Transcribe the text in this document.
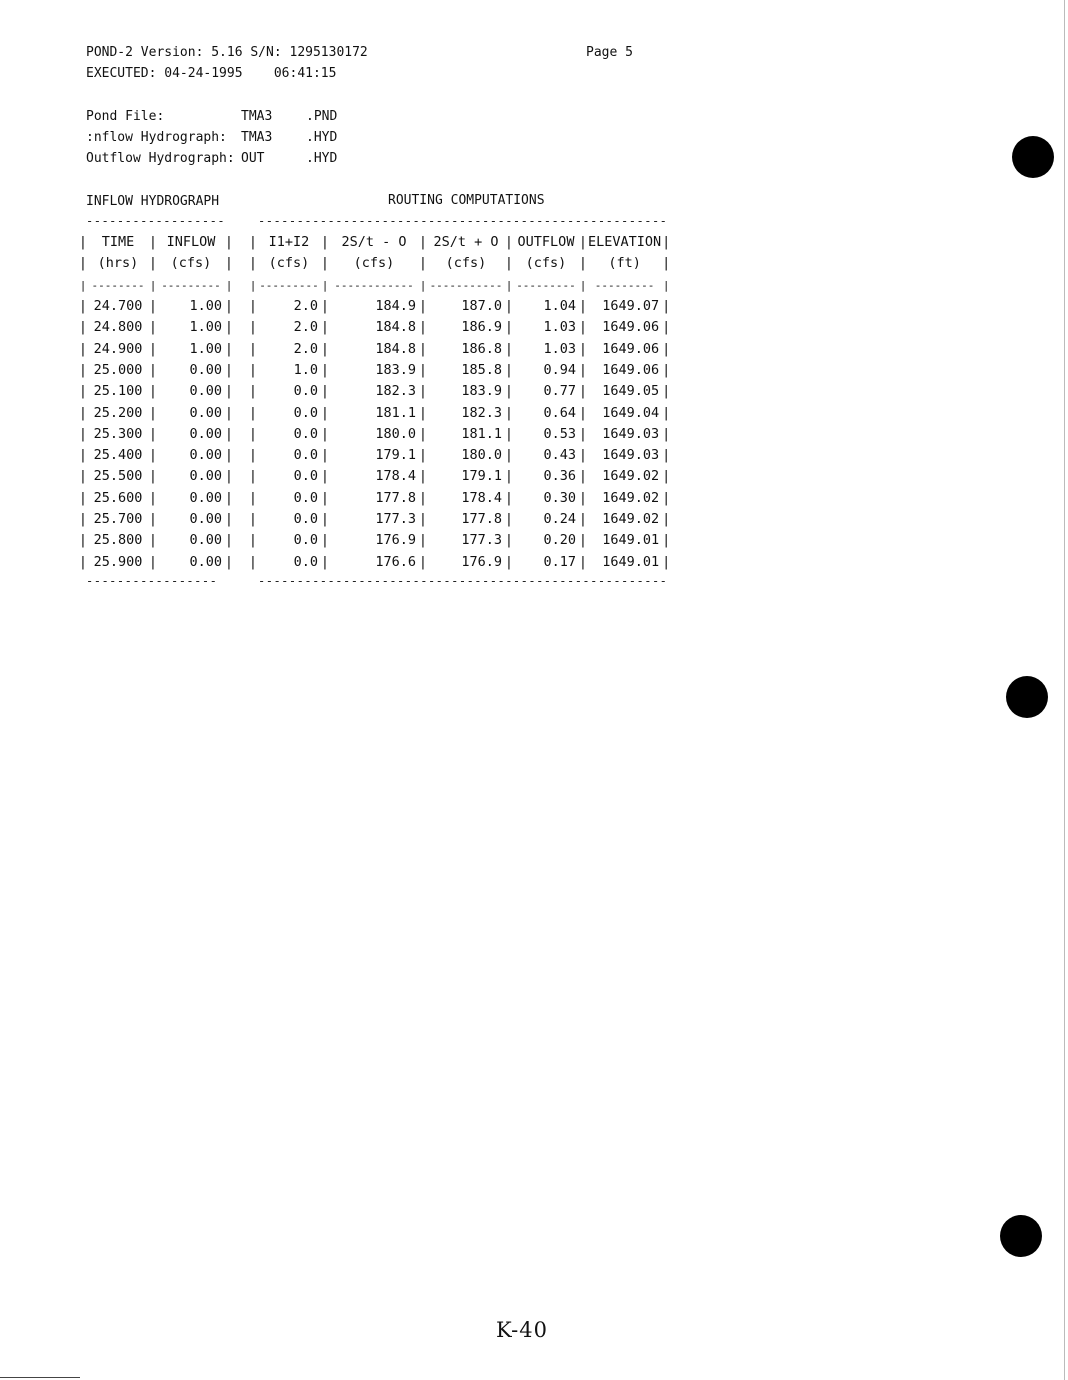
POND-2 Version: 5.16 S/N: 1295130172
EXECUTED: 04-24-1995    06:41:15
Page 5
Pond File:	TMA3	.PND
:nflow Hydrograph: TMA3	.HYD
Outflow Hydrograph: OUT	.HYD
INFLOW HYDROGRAPH	ROUTING COMPUTATIONS
------------------	-----------------------------------------------------
|	TIME	|	INFLOW	|		|	I1+I2	|	2S/t - O	|	2S/t + O	|	OUTFLOW	|	ELEVATION	|
|	(hrs)	|	(cfs)	|		|	(cfs)	|	(cfs)	|	(cfs)	|	(cfs)	|	(ft)	|
|	--------	|	---------	|		|	---------	|	------------	|	-----------	|	---------	|	---------	|
|	24.700	|	1.00	|		|	2.0	|	184.9	|	187.0	|	1.04	|	1649.07	|
|	24.800	|	1.00	|		|	2.0	|	184.8	|	186.9	|	1.03	|	1649.06	|
|	24.900	|	1.00	|		|	2.0	|	184.8	|	186.8	|	1.03	|	1649.06	|
|	25.000	|	0.00	|		|	1.0	|	183.9	|	185.8	|	0.94	|	1649.06	|
|	25.100	|	0.00	|		|	0.0	|	182.3	|	183.9	|	0.77	|	1649.05	|
|	25.200	|	0.00	|		|	0.0	|	181.1	|	182.3	|	0.64	|	1649.04	|
|	25.300	|	0.00	|		|	0.0	|	180.0	|	181.1	|	0.53	|	1649.03	|
|	25.400	|	0.00	|		|	0.0	|	179.1	|	180.0	|	0.43	|	1649.03	|
|	25.500	|	0.00	|		|	0.0	|	178.4	|	179.1	|	0.36	|	1649.02	|
|	25.600	|	0.00	|		|	0.0	|	177.8	|	178.4	|	0.30	|	1649.02	|
|	25.700	|	0.00	|		|	0.0	|	177.3	|	177.8	|	0.24	|	1649.02	|
|	25.800	|	0.00	|		|	0.0	|	176.9	|	177.3	|	0.20	|	1649.01	|
|	25.900	|	0.00	|		|	0.0	|	176.6	|	176.9	|	0.17	|	1649.01	|
-----------------	-----------------------------------------------------
K-40
